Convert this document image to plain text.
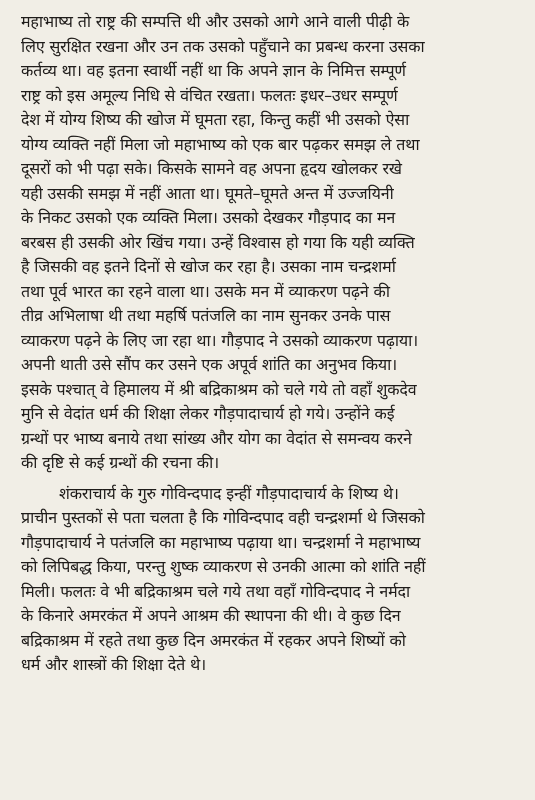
महाभाष्य तो राष्ट्र की सम्पत्ति थी और उसको आगे आने वाली पीढ़ी के
लिए सुरक्षित रखना और उन तक उसको पहुँचाने का प्रबन्ध करना उसका
कर्तव्य था। वह इतना स्वार्थी नहीं था कि अपने ज्ञान के निमित्त सम्पूर्ण
राष्ट्र को इस अमूल्य निधि से वंचित रखता। फलतः इधर–उधर सम्पूर्ण
देश में योग्य शिष्य की खोज में घूमता रहा, किन्तु कहीं भी उसको ऐसा
योग्य व्यक्ति नहीं मिला जो महाभाष्य को एक बार पढ़कर समझ ले तथा
दूसरों को भी पढ़ा सके। किसके सामने वह अपना हृदय खोलकर रखे
यही उसकी समझ में नहीं आता था। घूमते–घूमते अन्त में उज्जयिनी
के निकट उसको एक व्यक्ति मिला। उसको देखकर गौड़पाद का मन
बरबस ही उसकी ओर खिंच गया। उन्हें विश्वास हो गया कि यही व्यक्ति
है जिसकी वह इतने दिनों से खोज कर रहा है। उसका नाम चन्द्रशर्मा
तथा पूर्व भारत का रहने वाला था। उसके मन में व्याकरण पढ़ने की
तीव्र अभिलाषा थी तथा महर्षि पतंजलि का नाम सुनकर उनके पास
व्याकरण पढ़ने के लिए जा रहा था। गौड़पाद ने उसको व्याकरण पढ़ाया।
अपनी थाती उसे सौंप कर उसने एक अपूर्व शांति का अनुभव किया।
इसके पश्चात् वे हिमालय में श्री बद्रिकाश्रम को चले गये तो वहाँ शुकदेव
मुनि से वेदांत धर्म की शिक्षा लेकर गौड़पादाचार्य हो गये। उन्होंने कई
ग्रन्थों पर भाष्य बनाये तथा सांख्य और योग का वेदांत से समन्वय करने
की दृष्टि से कई ग्रन्थों की रचना की।
शंकराचार्य के गुरु गोविन्दपाद इन्हीं गौड़पादाचार्य के शिष्य थे।
प्राचीन पुस्तकों से पता चलता है कि गोविन्दपाद वही चन्द्रशर्मा थे जिसको
गौड़पादाचार्य ने पतंजलि का महाभाष्य पढ़ाया था। चन्द्रशर्मा ने महाभाष्य
को लिपिबद्ध किया, परन्तु शुष्क व्याकरण से उनकी आत्मा को शांति नहीं
मिली। फलतः वे भी बद्रिकाश्रम चले गये तथा वहाँ गोविन्दपाद ने नर्मदा
के किनारे अमरकंत में अपने आश्रम की स्थापना की थी। वे कुछ दिन
बद्रिकाश्रम में रहते तथा कुछ दिन अमरकंत में रहकर अपने शिष्यों को
धर्म और शास्त्रों की शिक्षा देते थे।
